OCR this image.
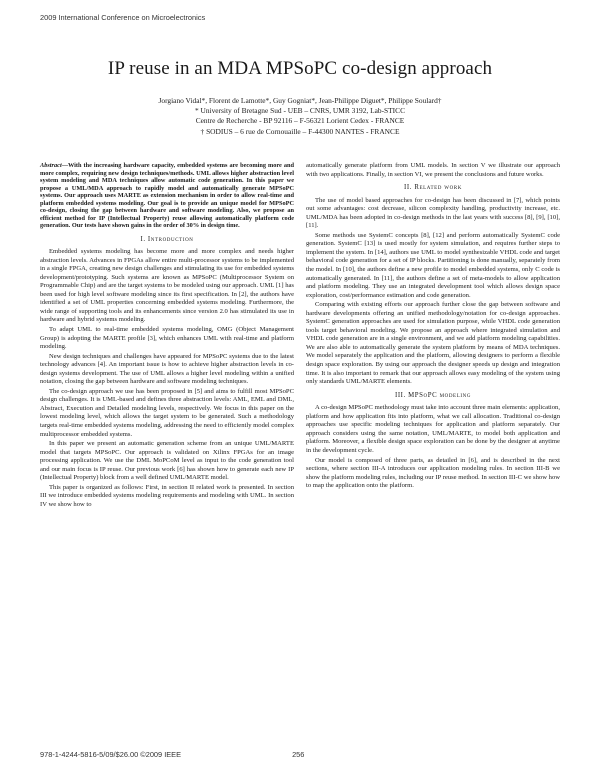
2009 International Conference on Microelectronics
IP reuse in an MDA MPSoPC co-design approach
Jorgiano Vidal*, Florent de Lamotte*, Guy Gogniat*, Jean-Philippe Diguet*, Philippe Soulard†
* University of Bretagne Sud - UEB – CNRS, UMR 3192, Lab-STICC
Centre de Recherche - BP 92116 – F-56321 Lorient Cedex - FRANCE
† SODIUS – 6 rue de Cornouaille – F-44300 NANTES - FRANCE

Abstract—With the increasing hardware capacity, embedded systems are becoming more and more complex, requiring new design techniques/methods. UML allows higher abstraction level system modeling and MDA techniques allow automatic code generation. In this paper we propose a UML/MDA approach to rapidly model and automatically generate MPSoPC systems. Our approach uses MARTE as extension mechanism in order to allow real-time and platform embedded systems modeling. Our goal is to provide an unique model for MPSoPC co-design, closing the gap between hardware and software modeling. Also, we propose an efficient method for IP (Intellectual Property) reuse allowing automatically platform code generation. Our tests have shown gains in the order of 30% in design time.

I. Introduction

Embedded systems modeling has become more and more complex and needs higher abstraction levels. Advances in FPGAs allow entire multi-processor systems to be implemented in a single FPGA, creating new design challenges and stimulating its use for embedded systems development/prototyping. Such systems are known as MPSoPC (Multiprocessor System on Programmable Chip) and are the target systems to be modeled using our approach. UML [1] has been used for high level software modeling since its first specification. In [2], the authors have identified a set of UML properties concerning embedded systems modeling. Furthermore, the wide range of supporting tools and its enhancements since version 2.0 has stimulated its use in hardware and hybrid systems modeling.

To adapt UML to real-time embedded systems modeling, OMG (Object Management Group) is adopting the MARTE profile [3], which enhances UML with real-time and platform modeling.

New design techniques and challenges have appeared for MPSoPC systems due to the latest technology advances [4]. An important issue is how to achieve higher abstraction levels in co-design systems development. The use of UML allows a higher level modeling within a unified notation, closing the gap between hardware and software modeling techniques.

The co-design approach we use has been proposed in [5] and aims to fulfill most MPSoPC design challenges. It is UML-based and defines three abstraction levels: AML, EML and DML, Abstract, Execution and Detailed modeling levels, respectively. We focus in this paper on the lowest modeling level, which allows the target system to be generated. Such a methodology targets real-time embedded systems modeling, addressing the need to efficiently model complex multiprocessor embedded systems.

In this paper we present an automatic generation scheme from an unique UML/MARTE model that targets MPSoPC. Our approach is validated on Xilinx FPGAs for an image processing application. We use the DML MoPCoM level as input to the code generation tool and our main focus is IP reuse. Our previous work [6] has shown how to generate each new IP (Intellectual Property) block from a well defined UML/MARTE model.

This paper is organized as follows: First, in section II related work is presented. In section III we introduce embedded systems modeling requirements and modeling with UML. In section IV we show how to

automatically generate platform from UML models. In section V we illustrate our approach with two applications. Finally, in section VI, we present the conclusions and future works.

II. Related work

The use of model based approaches for co-design has been discussed in [7], which points out some advantages: cost decrease, silicon complexity handling, productivity increase, etc. UML/MDA has been adopted in co-design methods in the last years with success [8], [9], [10], [11].

Some methods use SystemC concepts [8], [12] and perform automatically SystemC code generation. SystemC [13] is used mostly for system simulation, and requires further steps to implement the system. In [14], authors use UML to model synthesizable VHDL code and target behavioral code generation for a set of IP blocks. Partitioning is done manually, separately from the model. In [10], the authors define a new profile to model embedded systems, only C code is automatically generated. In [11], the authors define a set of meta-models to allow application and platform modeling. They use an integrated development tool which allows design space exploration, cost/performance estimation and code generation.

Comparing with existing efforts our approach further close the gap between software and hardware developments offering an unified methodology/notation for co-design approaches. SystemC generation approaches are used for simulation purpose, while VHDL code generation tools target behavioral modeling. We propose an approach where integrated simulation and VHDL code generation are in a single environment, and we add platform modeling capabilities. We are also able to automatically generate the system platform by means of MDA techniques. We model separately the application and the platform, allowing designers to perform a flexible design space exploration. By using our approach the designer speeds up design and integration time. It is also important to remark that our approach allows easy modeling of the system using only standards UML/MARTE elements.

III. MPSoPC modeling

A co-design MPSoPC methodology must take into account three main elements: application, platform and how application fits into platform, what we call allocation. Traditional co-design approaches use specific modeling techniques for application and platform separately. Our approach considers using the same notation, UML/MARTE, to model both application and platform. Moreover, a flexible design space exploration can be done by the designer at anytime in the development cycle.

Our model is composed of three parts, as detailed in [6], and is described in the next sections, where section III-A introduces our application modeling rules. In section III-B we show the platform modeling rules, including our IP reuse method. In section III-C we show how to map the application onto the platform.

978-1-4244-5816-5/09/$26.00 ©2009 IEEE	256
